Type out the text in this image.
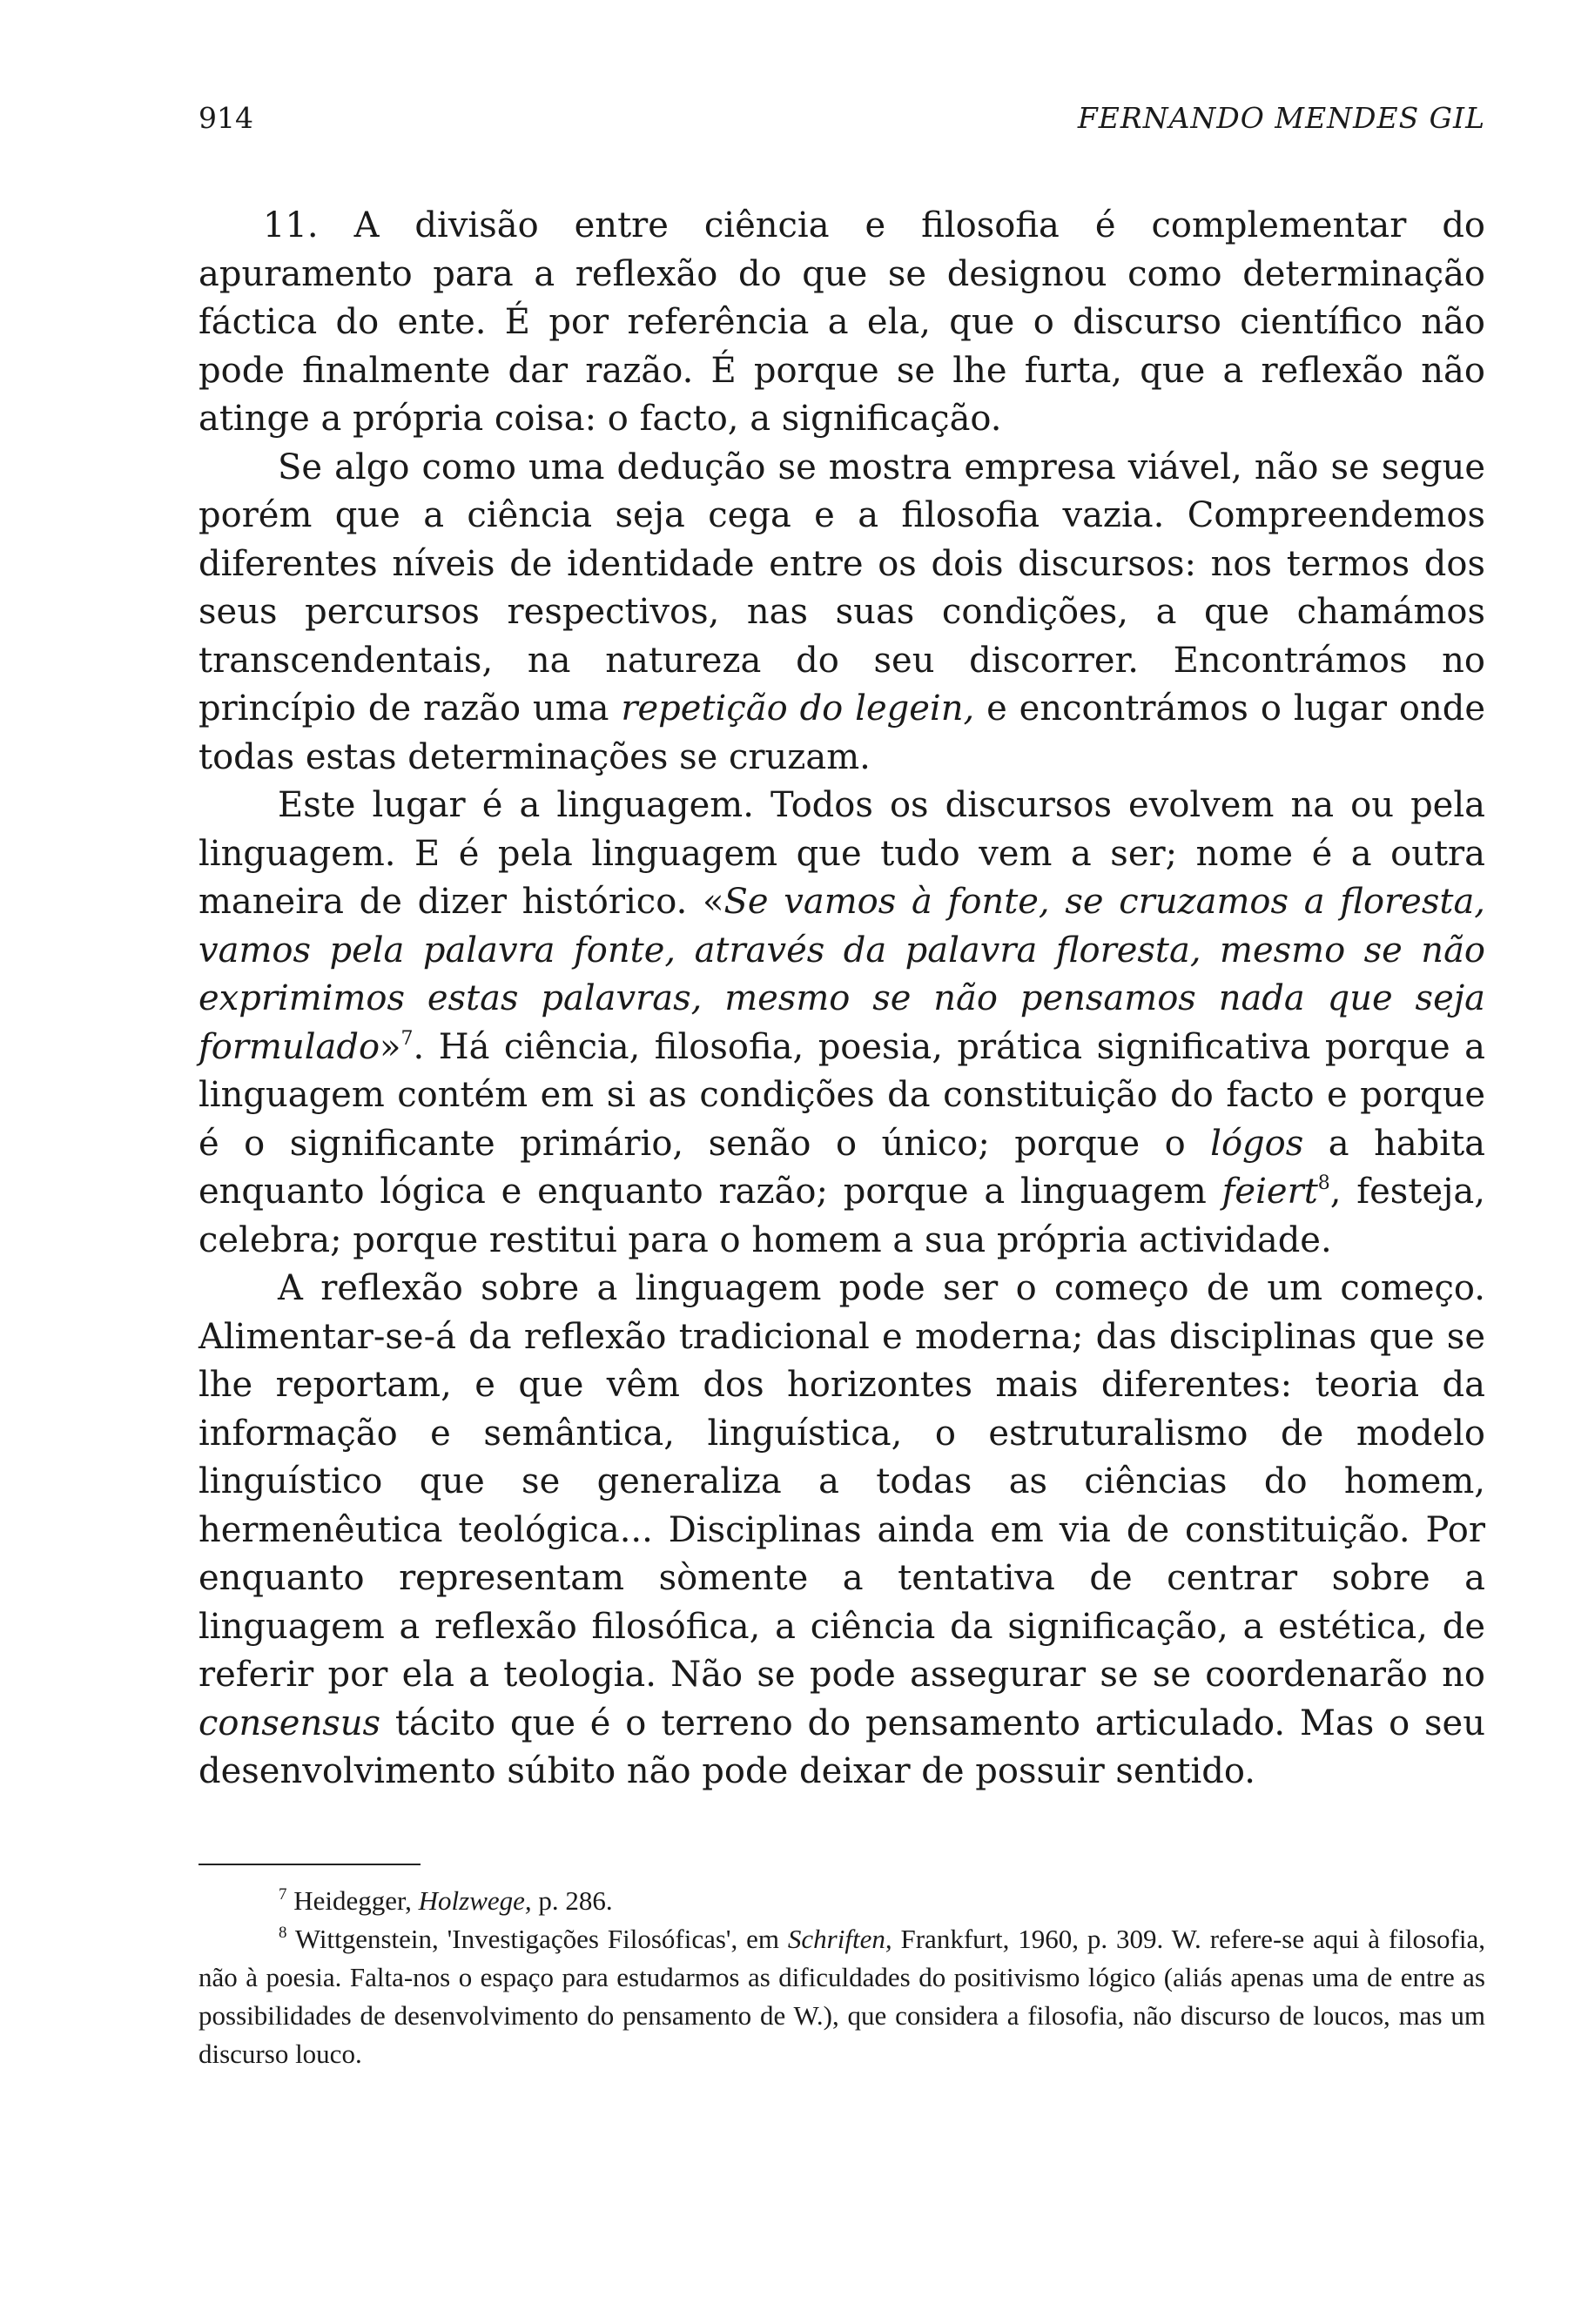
914	FERNANDO MENDES GIL

11. A divisão entre ciência e filosofia é complementar do apuramento para a reflexão do que se designou como determinação fáctica do ente. É por referência a ela, que o discurso científico não pode finalmente dar razão. É porque se lhe furta, que a reflexão não atinge a própria coisa: o facto, a significação.

Se algo como uma dedução se mostra empresa viável, não se segue porém que a ciência seja cega e a filosofia vazia. Compreendemos diferentes níveis de identidade entre os dois discursos: nos termos dos seus percursos respectivos, nas suas condições, a que chamámos transcendentais, na natureza do seu discorrer. Encontrámos no princípio de razão uma repetição do legein, e encontrámos o lugar onde todas estas determinações se cruzam.

Este lugar é a linguagem. Todos os discursos evolvem na ou pela linguagem. E é pela linguagem que tudo vem a ser; nome é a outra maneira de dizer histórico. «Se vamos à fonte, se cruzamos a floresta, vamos pela palavra fonte, através da palavra floresta, mesmo se não exprimimos estas palavras, mesmo se não pensamos nada que seja formulado»$^7$. Há ciência, filosofia, poesia, prática significativa porque a linguagem contém em si as condições da constituição do facto e porque é o significante primário, senão o único; porque o lógos a habita enquanto lógica e enquanto razão; porque a linguagem feiert$^8$, festeja, celebra; porque restitui para o homem a sua própria actividade.

A reflexão sobre a linguagem pode ser o começo de um começo. Alimentar-se-á da reflexão tradicional e moderna; das disciplinas que se lhe reportam, e que vêm dos horizontes mais diferentes: teoria da informação e semântica, linguística, o estruturalismo de modelo linguístico que se generaliza a todas as ciências do homem, hermenêutica teológica... Disciplinas ainda em via de constituição. Por enquanto representam sòmente a tentativa de centrar sobre a linguagem a reflexão filosófica, a ciência da significação, a estética, de referir por ela a teologia. Não se pode assegurar se se coordenarão no consensus tácito que é o terreno do pensamento articulado. Mas o seu desenvolvimento súbito não pode deixar de possuir sentido.

$^7$ Heidegger, Holzwege, p. 286.

$^8$ Wittgenstein, 'Investigações Filosóficas', em Schriften, Frankfurt, 1960, p. 309. W. refere-se aqui à filosofia, não à poesia. Falta-nos o espaço para estudarmos as dificuldades do positivismo lógico (aliás apenas uma de entre as possibilidades de desenvolvimento do pensamento de W.), que considera a filosofia, não discurso de loucos, mas um discurso louco.
